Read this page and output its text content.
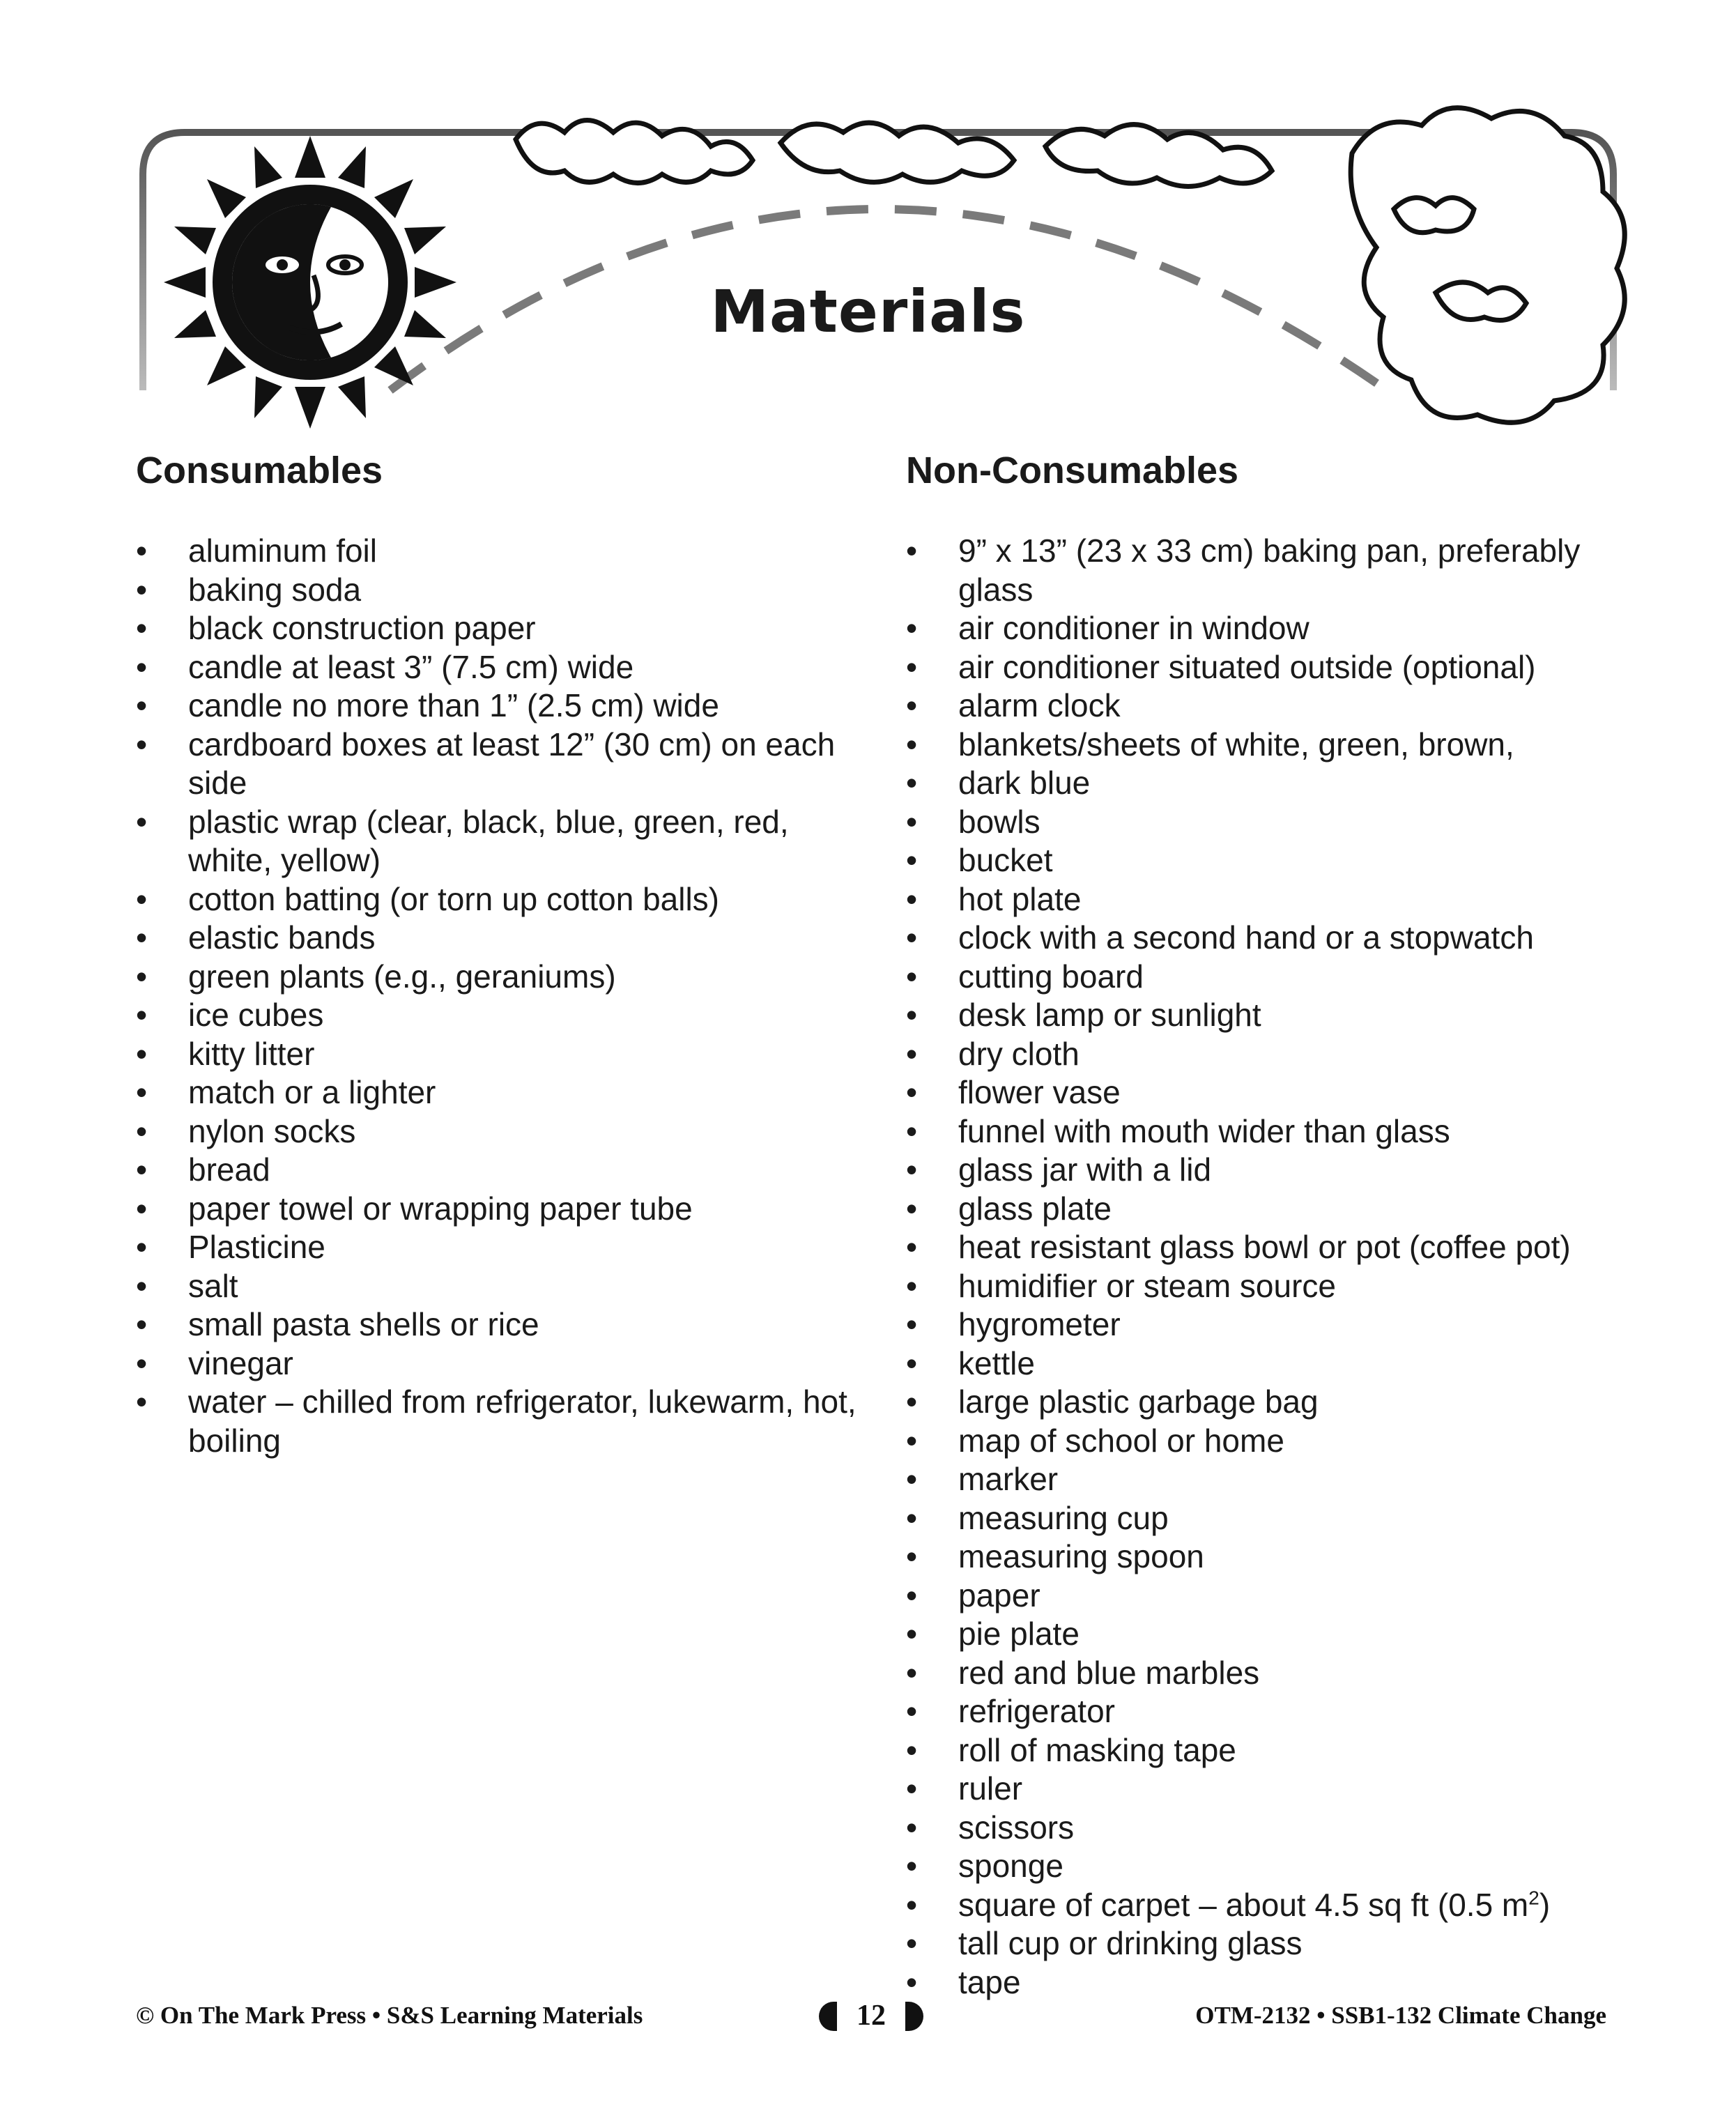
Materials
Consumables
• aluminum foil
• baking soda
• black construction paper
• candle at least 3” (7.5 cm) wide
• candle no more than 1” (2.5 cm) wide
• cardboard boxes at least 12” (30 cm) on each side
• plastic wrap (clear, black, blue, green, red, white, yellow)
• cotton batting (or torn up cotton balls)
• elastic bands
• green plants (e.g., geraniums)
• ice cubes
• kitty litter
• match or a lighter
• nylon socks
• bread
• paper towel or wrapping paper tube
• Plasticine
• salt
• small pasta shells or rice
• vinegar
• water – chilled from refrigerator, lukewarm, hot, boiling
Non-Consumables
• 9” x 13” (23 x 33 cm) baking pan, preferably glass
• air conditioner in window
• air conditioner situated outside (optional)
• alarm clock
• blankets/sheets of white, green, brown,
• dark blue
• bowls
• bucket
• hot plate
• clock with a second hand or a stopwatch
• cutting board
• desk lamp or sunlight
• dry cloth
• flower vase
• funnel with mouth wider than glass
• glass jar with a lid
• glass plate
• heat resistant glass bowl or pot (coffee pot)
• humidifier or steam source
• hygrometer
• kettle
• large plastic garbage bag
• map of school or home
• marker
• measuring cup
• measuring spoon
• paper
• pie plate
• red and blue marbles
• refrigerator
• roll of masking tape
• ruler
• scissors
• sponge
• square of carpet – about 4.5 sq ft (0.5 $m^2$)
• tall cup or drinking glass
• tape
© On The Mark Press • S&S Learning Materials	12	OTM-2132 • SSB1-132 Climate Change
